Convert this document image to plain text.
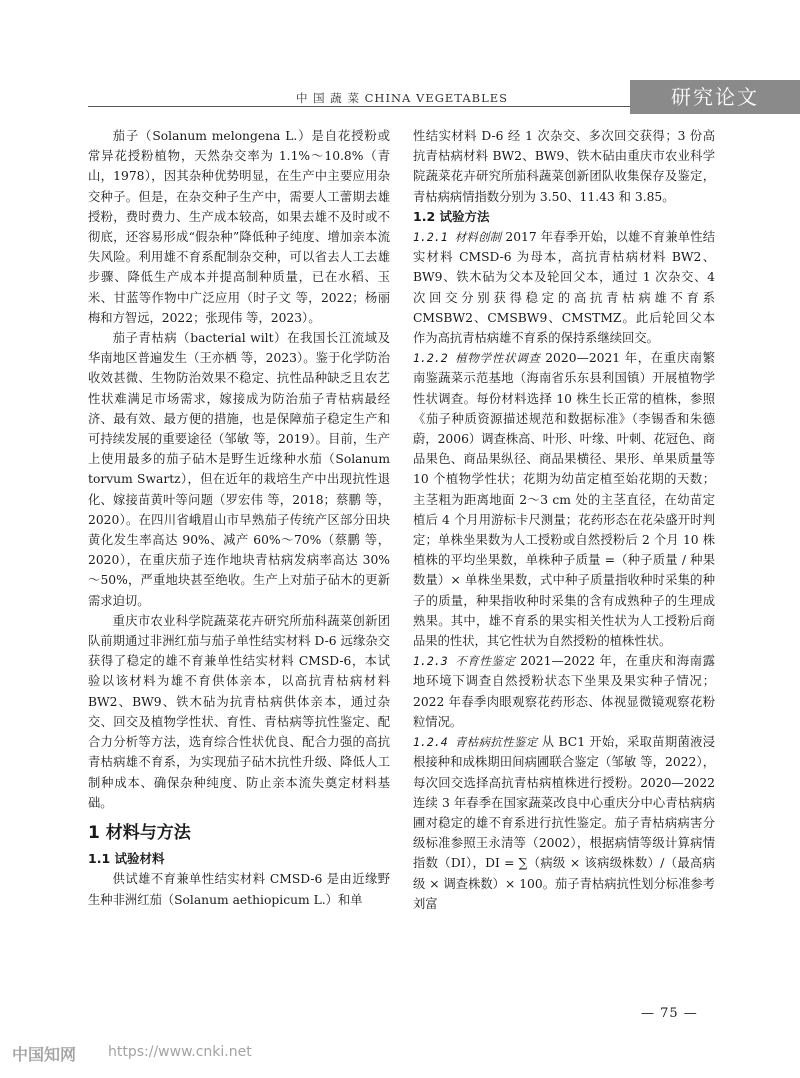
中 国 蔬 菜 CHINA VEGETABLES	研究论文

茄子（Solanum melongena L.）是自花授粉或常异花授粉植物，天然杂交率为 1.1%～10.8%（青山，1978），因其杂种优势明显，在生产中主要应用杂交种子。但是，在杂交种子生产中，需要人工蕾期去雄授粉，费时费力、生产成本较高，如果去雄不及时或不彻底，还容易形成“假杂种”降低种子纯度、增加亲本流失风险。利用雄不育系配制杂交种，可以省去人工去雄步骤、降低生产成本并提高制种质量，已在水稻、玉米、甘蓝等作物中广泛应用（时子文 等，2022；杨丽梅和方智远，2022；张现伟 等，2023）。

茄子青枯病（bacterial wilt）在我国长江流域及华南地区普遍发生（王亦栖 等，2023）。鉴于化学防治收效甚微、生物防治效果不稳定、抗性品种缺乏且农艺性状难满足市场需求，嫁接成为防治茄子青枯病最经济、最有效、最方便的措施，也是保障茄子稳定生产和可持续发展的重要途径（邹敏 等，2019）。目前，生产上使用最多的茄子砧木是野生近缘种水茄（Solanum torvum Swartz），但在近年的栽培生产中出现抗性退化、嫁接苗黄叶等问题（罗宏伟 等，2018；蔡鹏 等，2020）。在四川省峨眉山市早熟茄子传统产区部分田块黄化发生率高达 90%、减产 60%～70%（蔡鹏 等，2020），在重庆茄子连作地块青枯病发病率高达 30%～50%，严重地块甚至绝收。生产上对茄子砧木的更新需求迫切。

重庆市农业科学院蔬菜花卉研究所茄科蔬菜创新团队前期通过非洲红茄与茄子单性结实材料 D-6 远缘杂交获得了稳定的雄不育兼单性结实材料 CMSD-6，本试验以该材料为雄不育供体亲本，以高抗青枯病材料 BW2、BW9、铁木砧为抗青枯病供体亲本，通过杂交、回交及植物学性状、育性、青枯病等抗性鉴定、配合力分析等方法，选育综合性状优良、配合力强的高抗青枯病雄不育系，为实现茄子砧木抗性升级、降低人工制种成本、确保杂种纯度、防止亲本流失奠定材料基础。

1 材料与方法
1.1 试验材料

供试雄不育兼单性结实材料 CMSD-6 是由近缘野生种非洲红茄（Solanum aethiopicum L.）和单

性结实材料 D-6 经 1 次杂交、多次回交获得；3 份高抗青枯病材料 BW2、BW9、铁木砧由重庆市农业科学院蔬菜花卉研究所茄科蔬菜创新团队收集保存及鉴定，青枯病病情指数分别为 3.50、11.43 和 3.85。

1.2 试验方法

1.2.1 材料创制 2017 年春季开始，以雄不育兼单性结实材料 CMSD-6 为母本，高抗青枯病材料 BW2、BW9、铁木砧为父本及轮回父本，通过 1 次杂交、4 次回交分别获得稳定的高抗青枯病雄不育系 CMSBW2、CMSBW9、CMSTMZ。此后轮回父本作为高抗青枯病雄不育系的保持系继续回交。

1.2.2 植物学性状调查 2020—2021 年，在重庆南繁南鉴蔬菜示范基地（海南省乐东县利国镇）开展植物学性状调查。每份材料选择 10 株生长正常的植株，参照《茄子种质资源描述规范和数据标准》（李锡香和朱德蔚，2006）调查株高、叶形、叶缘、叶刺、花冠色、商品果色、商品果纵径、商品果横径、果形、单果质量等 10 个植物学性状；花期为幼苗定植至始花期的天数；主茎粗为距离地面 2～3 cm 处的主茎直径，在幼苗定植后 4 个月用游标卡尺测量；花药形态在花朵盛开时判定；单株坐果数为人工授粉或自然授粉后 2 个月 10 株植株的平均坐果数，单株种子质量 =（种子质量 / 种果数量）× 单株坐果数，式中种子质量指收种时采集的种子的质量，种果指收种时采集的含有成熟种子的生理成熟果。其中，雄不育系的果实相关性状为人工授粉后商品果的性状，其它性状为自然授粉的植株性状。

1.2.3 不育性鉴定 2021—2022 年，在重庆和海南露地环境下调查自然授粉状态下坐果及果实种子情况；2022 年春季肉眼观察花药形态、体视显微镜观察花粉粒情况。

1.2.4 青枯病抗性鉴定 从 BC1 开始，采取苗期菌液浸根接种和成株期田间病圃联合鉴定（邹敏 等，2022），每次回交选择高抗青枯病植株进行授粉。2020—2022 连续 3 年春季在国家蔬菜改良中心重庆分中心青枯病病圃对稳定的雄不育系进行抗性鉴定。茄子青枯病病害分级标准参照王永清等（2002），根据病情等级计算病情指数（DI），DI = ∑（病级 × 该病级株数）/（最高病级 × 调查株数）× 100。茄子青枯病抗性划分标准参考刘富

— 75 —
中国知网 https://www.cnki.net
